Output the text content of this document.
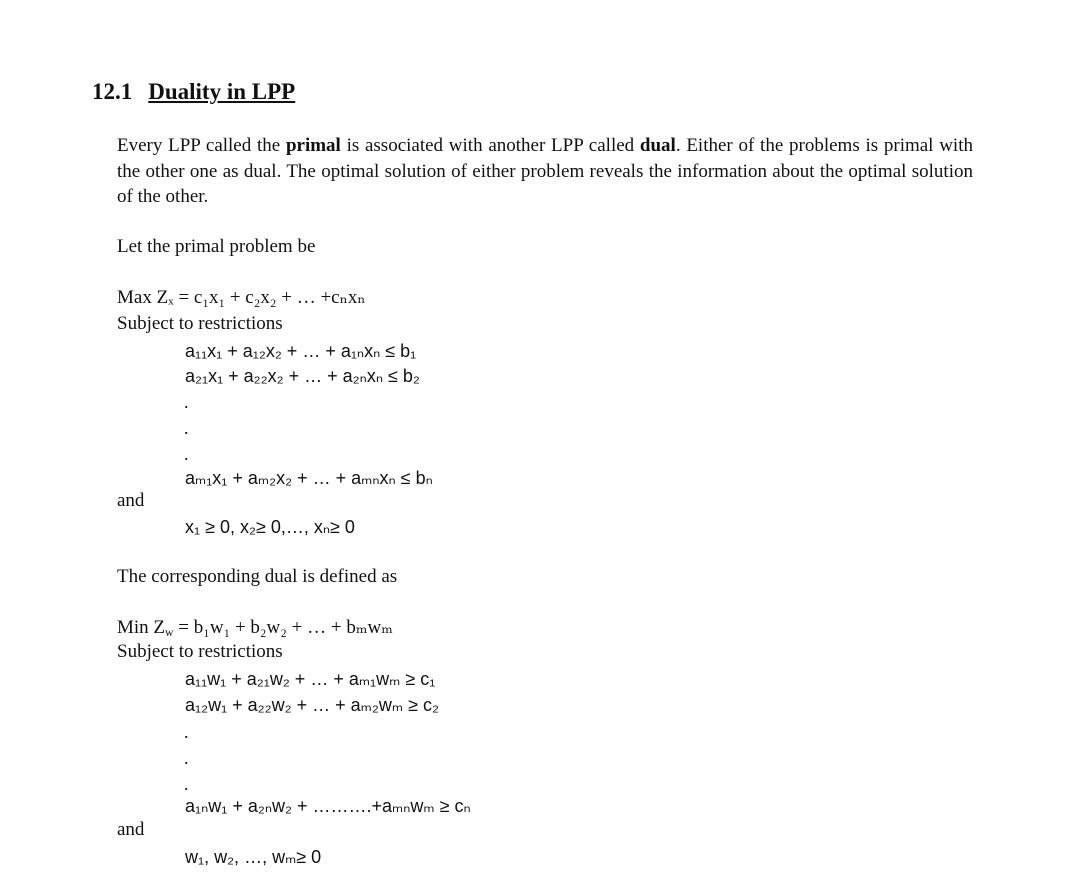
12.1 Duality in LPP
Every LPP called the primal is associated with another LPP called dual. Either of the problems is primal with the other one as dual. The optimal solution of either problem reveals the information about the optimal solution of the other.
Let the primal problem be
Max Zₓ = c₁x₁ + c₂x₂ + … +cₙxₙ
Subject to restrictions
a₁₁x₁ + a₁₂x₂ + … + a₁ₙxₙ ≤ b₁
a₂₁x₁ + a₂₂x₂ + … + a₂ₙxₙ ≤ b₂
.
.
.
aₘ₁x₁ + aₘ₂x₂ + … + aₘₙxₙ ≤ bₙ
and
x₁ ≥ 0, x₂≥ 0,…, xₙ≥ 0
The corresponding dual is defined as
Min $Z_w = b_1w_1 + b_2w_2$ + … + bₘwₘ
Subject to restrictions
a₁₁w₁ + a₂₁w₂ + … + aₘ₁wₘ ≥ c₁
a₁₂w₁ + a₂₂w₂ + … + aₘ₂wₘ ≥ c₂
.
.
.
a₁ₙw₁ + a₂ₙw₂ + ……….+aₘₙwₘ ≥ cₙ
and
w₁, w₂, …, wₘ≥ 0
